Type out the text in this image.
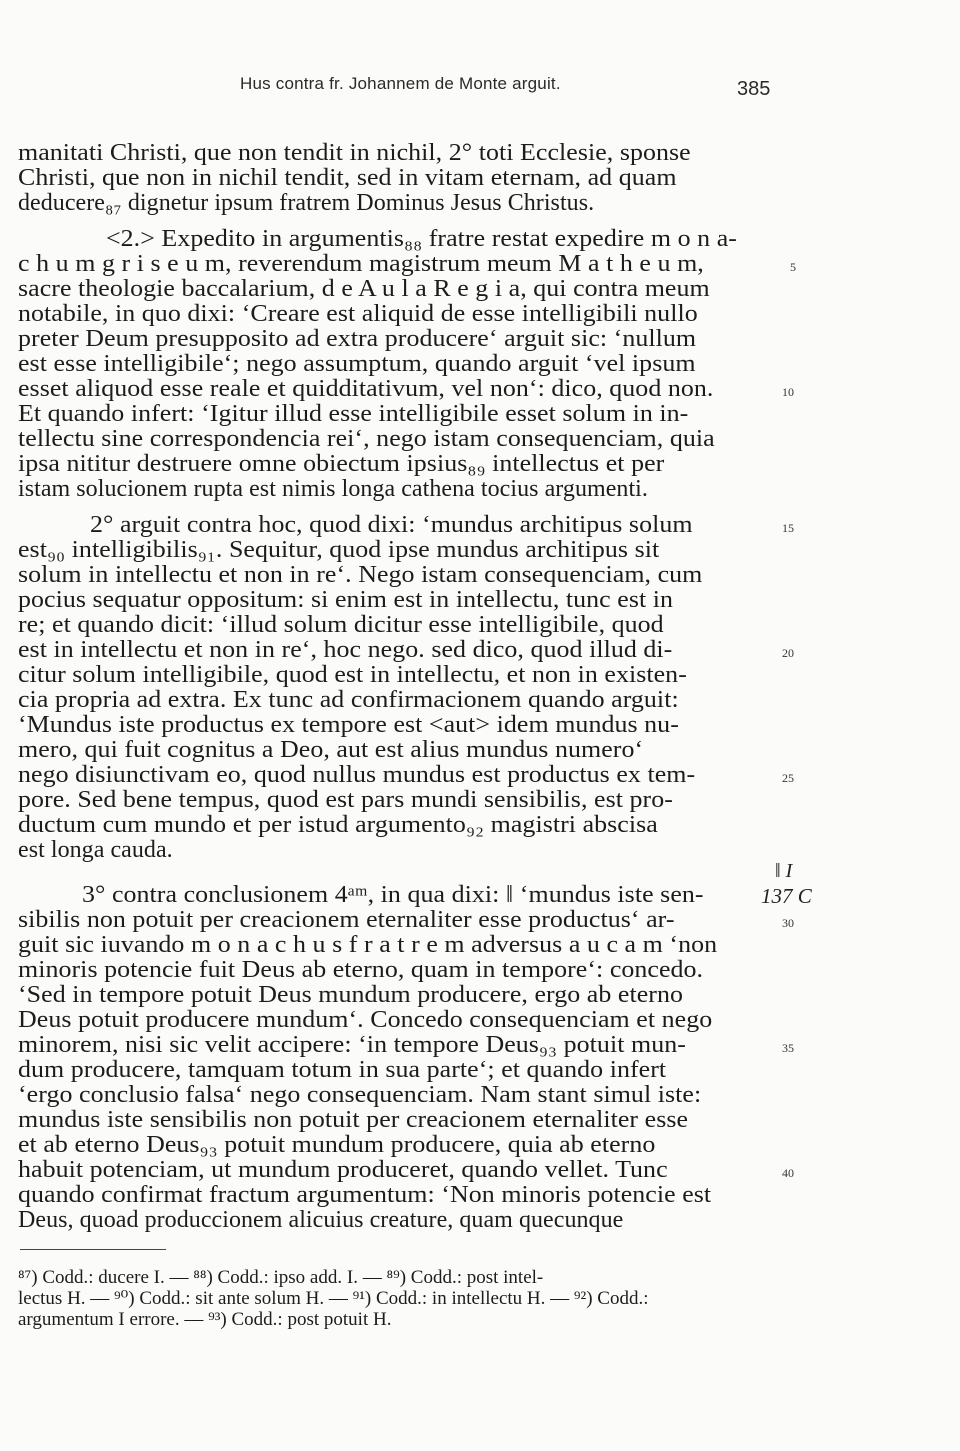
Hus contra fr. Johannem de Monte arguit.	385
manitati Christi, que non tendit in nichil, 2° toti Ecclesie, sponse
Christi, que non in nichil tendit, sed in vitam eternam, ad quam
deducere₈₇ dignetur ipsum fratrem Dominus Jesus Christus.
<2.> Expedito in argumentis₈₈ fratre restat expedire m o n a-
c h u m g r i s e u m, reverendum magistrum meum M a t h e u m,
sacre theologie baccalarium, d e A u l a R e g i a, qui contra meum
notabile, in quo dixi: ‘Creare est aliquid de esse intelligibili nullo
preter Deum presupposito ad extra producere‘ arguit sic: ‘nullum
est esse intelligibile‘; nego assumptum, quando arguit ‘vel ipsum
esset aliquod esse reale et quidditativum, vel non‘: dico, quod non.
Et quando infert: ‘Igitur illud esse intelligibile esset solum in in-
tellectu sine correspondencia rei‘, nego istam consequenciam, quia
ipsa nititur destruere omne obiectum ipsius₈₉ intellectus et per
istam solucionem rupta est nimis longa cathena tocius argumenti.
2° arguit contra hoc, quod dixi: ‘mundus architipus solum
est₉₀ intelligibilis₉₁. Sequitur, quod ipse mundus architipus sit
solum in intellectu et non in re‘. Nego istam consequenciam, cum
pocius sequatur oppositum: si enim est in intellectu, tunc est in
re; et quando dicit: ‘illud solum dicitur esse intelligibile, quod
est in intellectu et non in re‘, hoc nego. sed dico, quod illud di-
citur solum intelligibile, quod est in intellectu, et non in existen-
cia propria ad extra. Ex tunc ad confirmacionem quando arguit:
‘Mundus iste productus ex tempore est <aut> idem mundus nu-
mero, qui fuit cognitus a Deo, aut est alius mundus numero‘
nego disiunctivam eo, quod nullus mundus est productus ex tem-
pore. Sed bene tempus, quod est pars mundi sensibilis, est pro-
ductum cum mundo et per istud argumento₉₂ magistri abscisa
est longa cauda.
3° contra conclusionem 4ᵃᵐ, in qua dixi: ‖ ‘mundus iste sen-
sibilis non potuit per creacionem eternaliter esse productus‘ ar-
guit sic iuvando m o n a c h u s f r a t r e m adversus a u c a m ‘non
minoris potencie fuit Deus ab eterno, quam in tempore‘: concedo.
‘Sed in tempore potuit Deus mundum producere, ergo ab eterno
Deus potuit producere mundum‘. Concedo consequenciam et nego
minorem, nisi sic velit accipere: ‘in tempore Deus₉₃ potuit mun-
dum producere, tamquam totum in sua parte‘; et quando infert
‘ergo conclusio falsa‘ nego consequenciam. Nam stant simul iste:
mundus iste sensibilis non potuit per creacionem eternaliter esse
et ab eterno Deus₉₃ potuit mundum producere, quia ab eterno
habuit potenciam, ut mundum produceret, quando vellet. Tunc
quando confirmat fractum argumentum: ‘Non minoris potencie est
Deus, quoad produccionem alicuius creature, quam quecunque
5
10
15
20
25
30
35
40
‖ I
137 C
⁸⁷) Codd.: ducere I. — ⁸⁸) Codd.: ipso add. I. — ⁸⁹) Codd.: post intel-
lectus H. — ⁹⁰) Codd.: sit ante solum H. — ⁹¹) Codd.: in intellectu H. — ⁹²) Codd.:
argumentum I errore. — ⁹³) Codd.: post potuit H.
